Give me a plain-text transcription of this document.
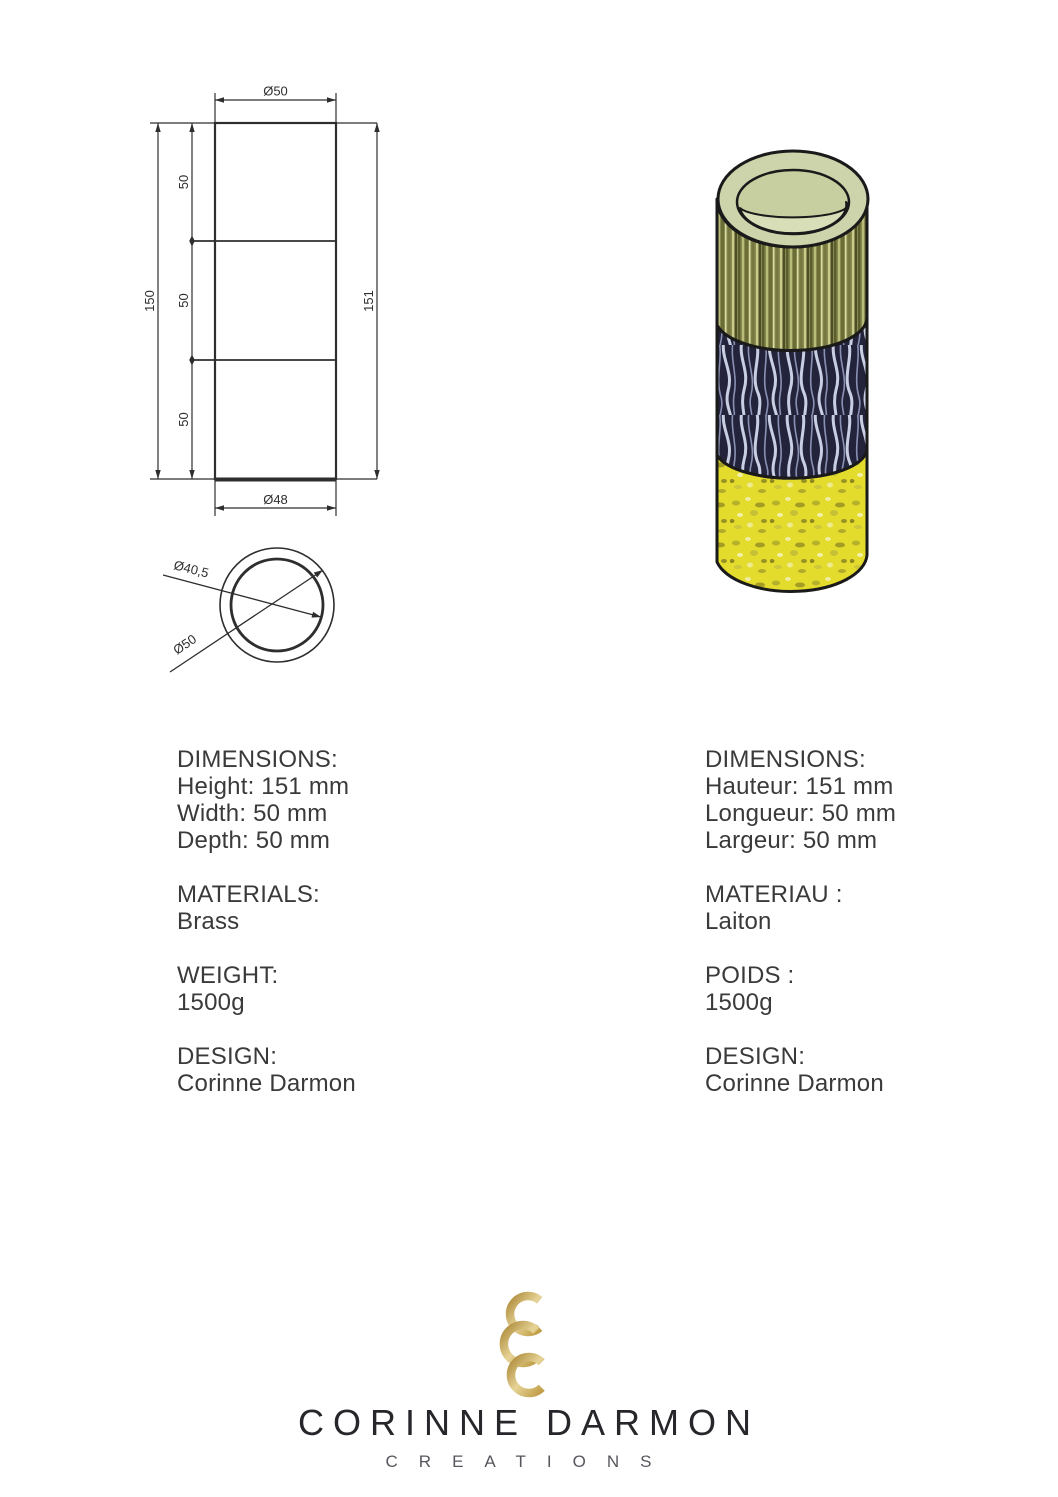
Ø50
Ø48
150
50
50
50
151
Ø40,5
Ø50
DIMENSIONS:
Height: 151 mm
Width: 50 mm
Depth: 50 mm
MATERIALS:
Brass
WEIGHT:
1500g
DESIGN:
Corinne Darmon
DIMENSIONS:
Hauteur: 151 mm
Longueur: 50 mm
Largeur: 50 mm
MATERIAU :
Laiton
POIDS :
1500g
DESIGN:
Corinne Darmon
CORINNE DARMON
CREATIONS
